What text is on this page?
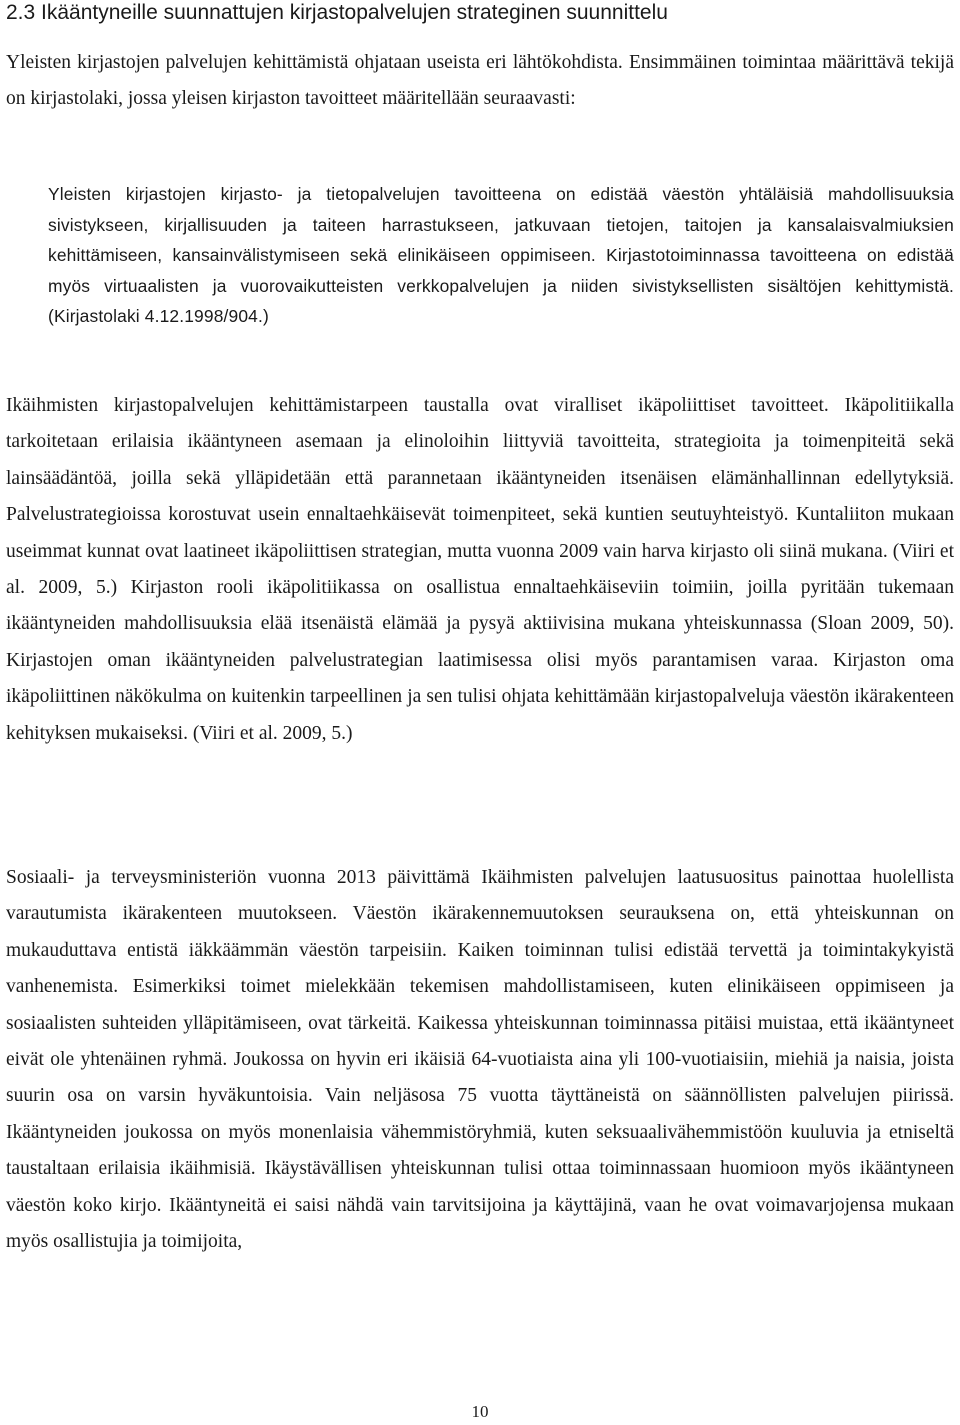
2.3 Ikääntyneille suunnattujen kirjastopalvelujen strateginen suunnittelu

Yleisten kirjastojen palvelujen kehittämistä ohjataan useista eri lähtökohdista. Ensimmäinen toimintaa määrittävä tekijä on kirjastolaki, jossa yleisen kirjaston tavoitteet määritellään seuraavasti:

Yleisten kirjastojen kirjasto- ja tietopalvelujen tavoitteena on edistää väestön yhtäläisiä mahdollisuuksia sivistykseen, kirjallisuuden ja taiteen harrastukseen, jatkuvaan tietojen, taitojen ja kansalaisvalmiuksien kehittämiseen, kansainvälistymiseen sekä elinikäiseen oppimiseen. Kirjastotoiminnassa tavoitteena on edistää myös virtuaalisten ja vuorovaikutteisten verkkopalvelujen ja niiden sivistyksellisten sisältöjen kehittymistä. (Kirjastolaki 4.12.1998/904.)

Ikäihmisten kirjastopalvelujen kehittämistarpeen taustalla ovat viralliset ikäpoliittiset tavoitteet. Ikäpolitiikalla tarkoitetaan erilaisia ikääntyneen asemaan ja elinoloihin liittyviä tavoitteita, strategioita ja toimenpiteitä sekä lainsäädäntöä, joilla sekä ylläpidetään että parannetaan ikääntyneiden itsenäisen elämänhallinnan edellytyksiä. Palvelustrategioissa korostuvat usein ennaltaehkäisevät toimenpiteet, sekä kuntien seutuyhteistyö. Kuntaliiton mukaan useimmat kunnat ovat laatineet ikäpoliittisen strategian, mutta vuonna 2009 vain harva kirjasto oli siinä mukana. (Viiri et al. 2009, 5.) Kirjaston rooli ikäpolitiikassa on osallistua ennaltaehkäiseviin toimiin, joilla pyritään tukemaan ikääntyneiden mahdollisuuksia elää itsenäistä elämää ja pysyä aktiivisina mukana yhteiskunnassa (Sloan 2009, 50). Kirjastojen oman ikääntyneiden palvelustrategian laatimisessa olisi myös parantamisen varaa. Kirjaston oma ikäpoliittinen näkökulma on kuitenkin tarpeellinen ja sen tulisi ohjata kehittämään kirjastopalveluja väestön ikärakenteen kehityksen mukaiseksi. (Viiri et al. 2009, 5.)

Sosiaali- ja terveysministeriön vuonna 2013 päivittämä Ikäihmisten palvelujen laatusuositus painottaa huolellista varautumista ikärakenteen muutokseen. Väestön ikärakennemuutoksen seurauksena on, että yhteiskunnan on mukauduttava entistä iäkkäämmän väestön tarpeisiin. Kaiken toiminnan tulisi edistää tervettä ja toimintakykyistä vanhenemista. Esimerkiksi toimet mielekkään tekemisen mahdollistamiseen, kuten elinikäiseen oppimiseen ja sosiaalisten suhteiden ylläpitämiseen, ovat tärkeitä. Kaikessa yhteiskunnan toiminnassa pitäisi muistaa, että ikääntyneet eivät ole yhtenäinen ryhmä. Joukossa on hyvin eri ikäisiä 64-vuotiaista aina yli 100-vuotiaisiin, miehiä ja naisia, joista suurin osa on varsin hyväkuntoisia. Vain neljäsosa 75 vuotta täyttäneistä on säännöllisten palvelujen piirissä. Ikääntyneiden joukossa on myös monenlaisia vähemmistöryhmiä, kuten seksuaalivähemmistöön kuuluvia ja etniseltä taustaltaan erilaisia ikäihmisiä. Ikäystävällisen yhteiskunnan tulisi ottaa toiminnassaan huomioon myös ikääntyneen väestön koko kirjo. Ikääntyneitä ei saisi nähdä vain tarvitsijoina ja käyttäjinä, vaan he ovat voimavarjojensa mukaan myös osallistujia ja toimijoita,

10
